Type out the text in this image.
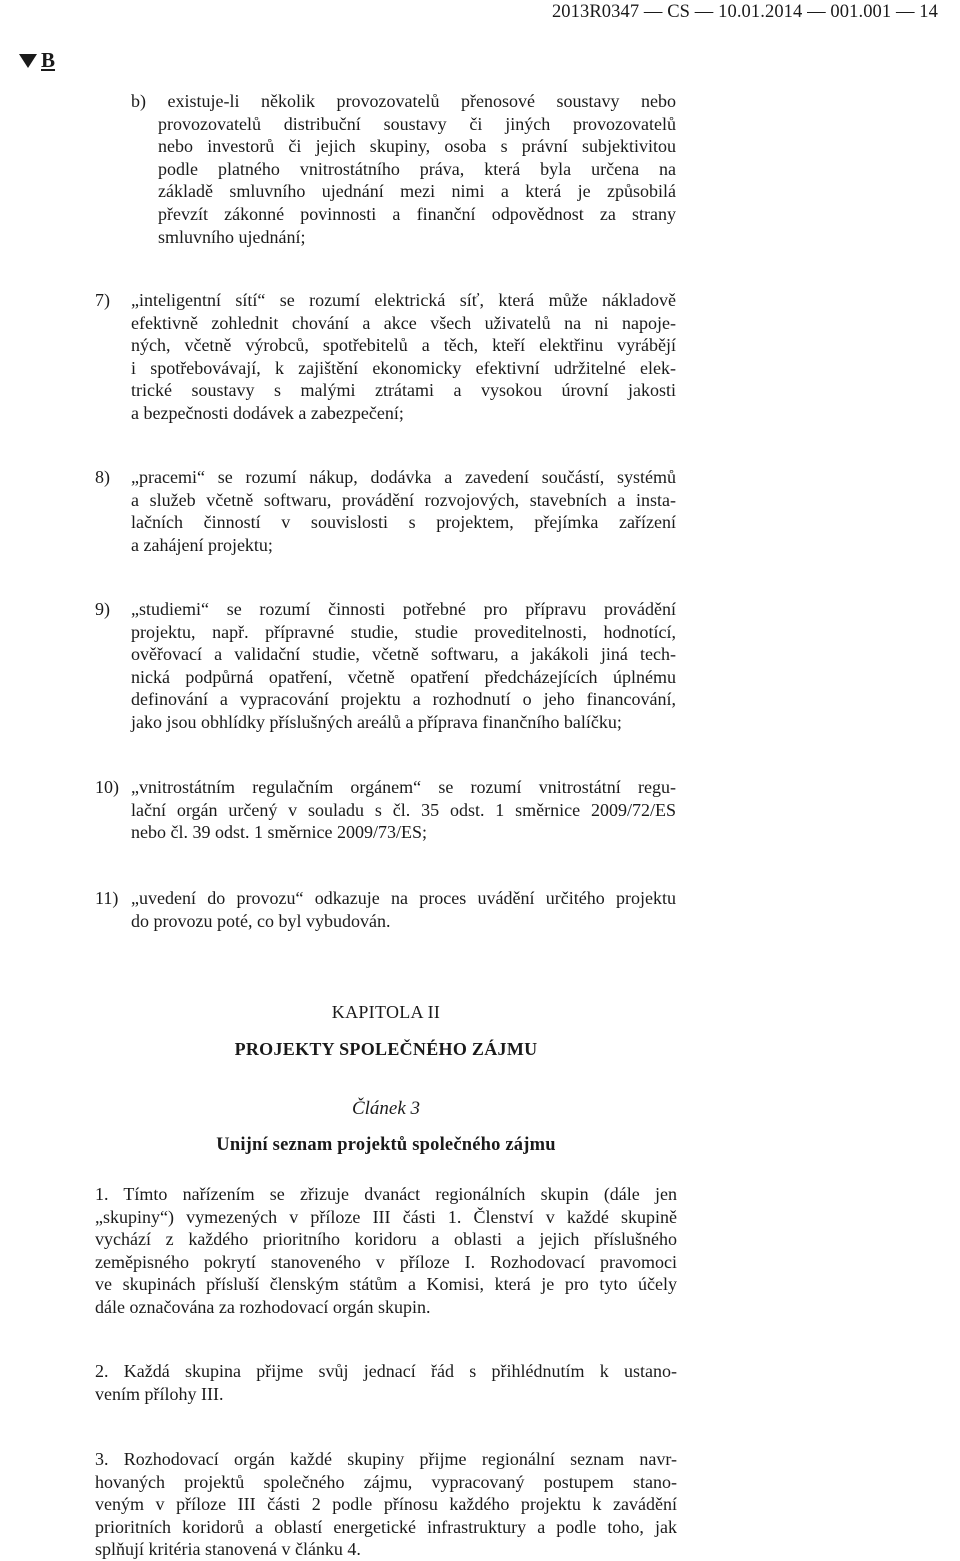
2013R0347 — CS — 10.01.2014 — 001.001 — 14
B
b) existuje-li několik provozovatelů přenosové soustavy nebo
provozovatelů distribuční soustavy či jiných provozovatelů
nebo investorů či jejich skupiny, osoba s právní subjektivitou
podle platného vnitrostátního práva, která byla určena na
základě smluvního ujednání mezi nimi a která je způsobilá
převzít zákonné povinnosti a finanční odpovědnost za strany
smluvního ujednání;
7) „inteligentní sítí“ se rozumí elektrická síť, která může nákladově
efektivně zohlednit chování a akce všech uživatelů na ni napoje-
ných, včetně výrobců, spotřebitelů a těch, kteří elektřinu vyrábějí
i spotřebovávají, k zajištění ekonomicky efektivní udržitelné elek-
trické soustavy s malými ztrátami a vysokou úrovní jakosti
a bezpečnosti dodávek a zabezpečení;
8) „pracemi“ se rozumí nákup, dodávka a zavedení součástí, systémů
a služeb včetně softwaru, provádění rozvojových, stavebních a insta-
lačních činností v souvislosti s projektem, přejímka zařízení
a zahájení projektu;
9) „studiemi“ se rozumí činnosti potřebné pro přípravu provádění
projektu, např. přípravné studie, studie proveditelnosti, hodnotící,
ověřovací a validační studie, včetně softwaru, a jakákoli jiná tech-
nická podpůrná opatření, včetně opatření předcházejících úplnému
definování a vypracování projektu a rozhodnutí o jeho financování,
jako jsou obhlídky příslušných areálů a příprava finančního balíčku;
10) „vnitrostátním regulačním orgánem“ se rozumí vnitrostátní regu-
lační orgán určený v souladu s čl. 35 odst. 1 směrnice 2009/72/ES
nebo čl. 39 odst. 1 směrnice 2009/73/ES;
11) „uvedení do provozu“ odkazuje na proces uvádění určitého projektu
do provozu poté, co byl vybudován.
KAPITOLA II
PROJEKTY SPOLEČNÉHO ZÁJMU
Článek 3
Unijní seznam projektů společného zájmu
1. Tímto nařízením se zřizuje dvanáct regionálních skupin (dále jen
„skupiny“) vymezených v příloze III části 1. Členství v každé skupině
vychází z každého prioritního koridoru a oblasti a jejich příslušného
zeměpisného pokrytí stanoveného v příloze I. Rozhodovací pravomoci
ve skupinách přísluší členským státům a Komisi, která je pro tyto účely
dále označována za rozhodovací orgán skupin.
2. Každá skupina přijme svůj jednací řád s přihlédnutím k ustano-
vením přílohy III.
3. Rozhodovací orgán každé skupiny přijme regionální seznam navr-
hovaných projektů společného zájmu, vypracovaný postupem stano-
veným v příloze III části 2 podle přínosu každého projektu k zavádění
prioritních koridorů a oblastí energetické infrastruktury a podle toho, jak
splňují kritéria stanovená v článku 4.
